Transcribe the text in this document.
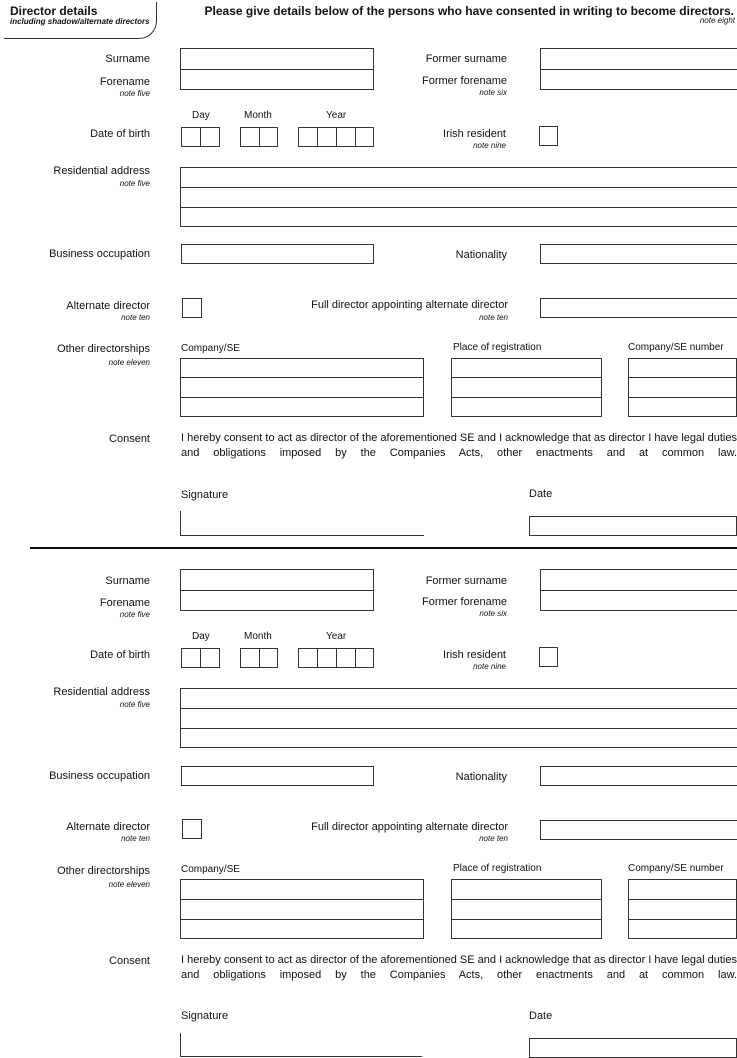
Director details
including shadow/alternate directors
Please give details below of the persons who have consented in writing to become directors.
note eight
Surname
Forename
note five
Former surname
Former forename
note six
Day	Month	Year
Date of birth	Irish resident
note nine
Residential address
note five
Business occupation	Nationality
Alternate director
note ten
Full director appointing alternate director
note ten
Other directorships
note eleven
Company/SE	Place of registration	Company/SE number
Consent	I hereby consent to act as director of the aforementioned SE and I acknowledge that as director I have legal duties and obligations imposed by the Companies Acts, other enactments and at common law.
Signature	Date
Surname
Forename
note five
Former surname
Former forename
note six
Day	Month	Year
Date of birth	Irish resident
note nine
Residential address
note five
Business occupation	Nationality
Alternate director
note ten
Full director appointing alternate director
note ten
Other directorships
note eleven
Company/SE	Place of registration	Company/SE number
Consent	I hereby consent to act as director of the aforementioned SE and I acknowledge that as director I have legal duties and obligations imposed by the Companies Acts, other enactments and at common law.
Signature	Date
